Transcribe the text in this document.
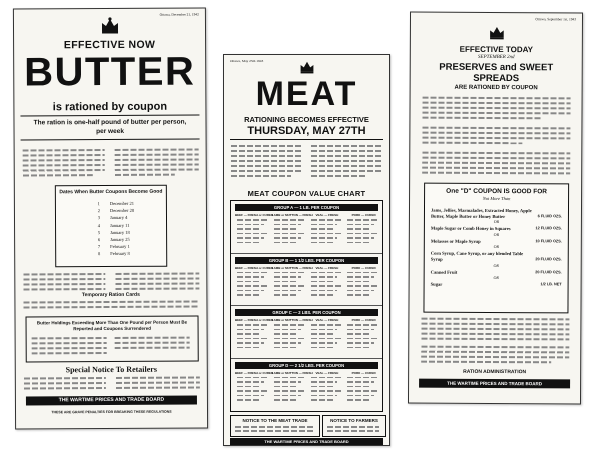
Ottawa, December 21, 1942
EFFECTIVE NOW
BUTTER
is rationed by coupon
The ration is one-half pound of butter per person, per week
Dates When Butter Coupons Become Good
1 December 21
2 December 28
3 January 4
4 January 11
5 January 18
6 January 25
7 February 1
8 February 8
Temporary Ration Cards
Butter Holdings Exceeding More Than One Pound per Person Must Be Reported and Coupons Surrendered
Special Notice To Retailers
THE WARTIME PRICES AND TRADE BOARD
THESE ARE GRAVE PENALTIES FOR BREAKING THESE REGULATIONS
Ottawa, May 25th 1943
MEAT
RATIONING BECOMES EFFECTIVE
THURSDAY, MAY 27TH
MEAT COUPON VALUE CHART
GROUP A — 1 LB. PER COUPON
BEEF — FRESH or CURED
LAMB or MUTTON — FRESH VEAL — FRESH	PORK — CURED
GROUP B — 1 1/2 LBS. PER COUPON
BEEF — FRESH or CURED
LAMB or MUTTON — FRESH VEAL — FRESH	PORK — CURED
GROUP C — 2 LBS. PER COUPON
BEEF — FRESH or CURED
LAMB or MUTTON — FRESH VEAL — FRESH	PORK — CURED
GROUP D — 2 1/2 LBS. PER COUPON
BEEF — FRESH or CURED
LAMB or MUTTON — FRESH VEAL — FRESH	PORK — CURED
NOTICE TO THE MEAT TRADE	NOTICE TO FARMERS
THE WARTIME PRICES AND TRADE BOARD
Ottawa, September 1st, 1943
EFFECTIVE TODAY
SEPTEMBER 2nd
PRESERVES and SWEET SPREADS
ARE RATIONED BY COUPON
One "D" COUPON IS GOOD FOR
Not More Than
Jams, Jellies, Marmalades, Extracted Honey, Apple Butter, Maple Butter or Honey Butter	6 FLUID OZS.
OR
Maple Sugar or Comb Honey in Squares	12 FLUID OZS.
OR
Molasses or Maple Syrup	10 FLUID OZS.
OR
Corn Syrup, Cane Syrup, or any blended Table Syrup	20 FLUID OZS.
OR
Canned Fruit	20 FLUID OZS.
OR
Sugar	1/2 LB. NET
RATION ADMINISTRATION
THE WARTIME PRICES AND TRADE BOARD
